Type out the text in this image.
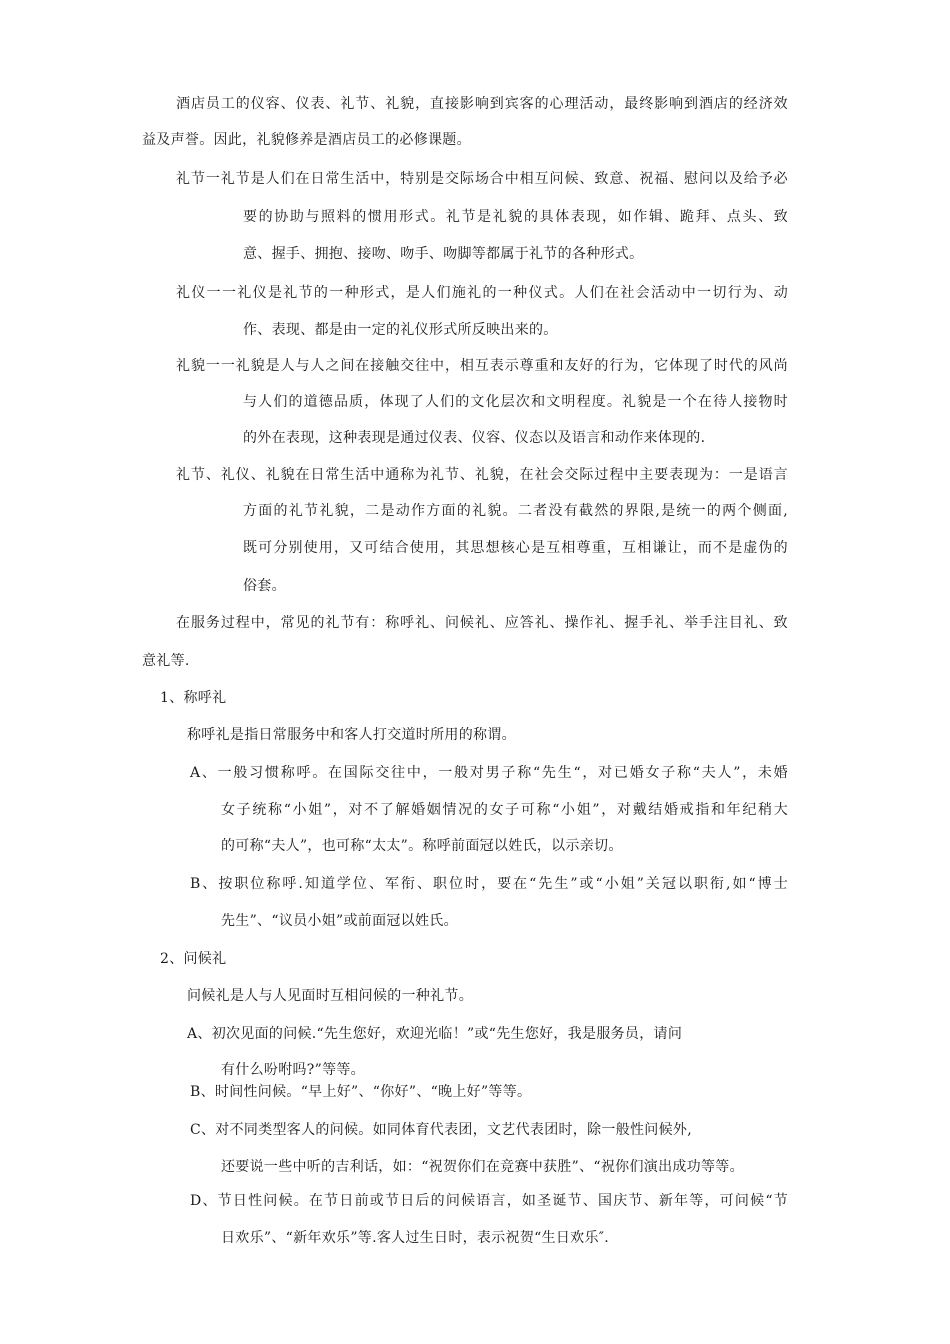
酒店员工的仪容、仪表、礼节、礼貌，直接影响到宾客的心理活动，最终影响到酒店的经济效
益及声誉。因此，礼貌修养是酒店员工的必修课题。
礼节一礼节是人们在日常生活中，特别是交际场合中相互问候、致意、祝福、慰问以及给予必
要的协助与照料的惯用形式。礼节是礼貌的具体表现，如作辑、跪拜、点头、致
意、握手、拥抱、接吻、吻手、吻脚等都属于礼节的各种形式。
礼仪一一礼仪是礼节的一种形式，是人们施礼的一种仪式。人们在社会活动中一切行为、动
作、表现、都是由一定的礼仪形式所反映出来的。
礼貌一一礼貌是人与人之间在接触交往中，相互表示尊重和友好的行为，它体现了时代的风尚
与人们的道德品质，体现了人们的文化层次和文明程度。礼貌是一个在待人接物时
的外在表现，这种表现是通过仪表、仪容、仪态以及语言和动作来体现的.
礼节、礼仪、礼貌在日常生活中通称为礼节、礼貌，在社会交际过程中主要表现为：一是语言
方面的礼节礼貌，二是动作方面的礼貌。二者没有截然的界限,是统一的两个侧面,
既可分别使用，又可结合使用，其思想核心是互相尊重，互相谦让，而不是虚伪的
俗套。
在服务过程中，常见的礼节有：称呼礼、问候礼、应答礼、操作礼、握手礼、举手注目礼、致
意礼等.
1、称呼礼
称呼礼是指日常服务中和客人打交道时所用的称谓。
A、一般习惯称呼。在国际交往中，一般对男子称“先生“，对已婚女子称“夫人”，未婚
女子统称“小姐”，对不了解婚姻情况的女子可称“小姐”，对戴结婚戒指和年纪稍大
的可称“夫人”，也可称“太太”。称呼前面冠以姓氏，以示亲切。
B、按职位称呼.知道学位、军衔、职位时，要在“先生”或“小姐”关冠以职衔,如“博士
先生”、“议员小姐”或前面冠以姓氏。
2、问候礼
问候礼是人与人见面时互相问候的一种礼节。
A、初次见面的问候.“先生您好，欢迎光临！”或“先生您好，我是服务员，请问
有什么吩咐吗?”等等。
B、时间性问候。“早上好”、“你好”、“晚上好”等等。
C、对不同类型客人的问候。如同体育代表团，文艺代表团时，除一般性问候外,
还要说一些中听的吉利话，如：“祝贺你们在竞赛中获胜”、“祝你们演出成功等等。
D、节日性问候。在节日前或节日后的问候语言，如圣诞节、国庆节、新年等，可问候“节
日欢乐”、“新年欢乐”等.客人过生日时，表示祝贺“生日欢乐″.
